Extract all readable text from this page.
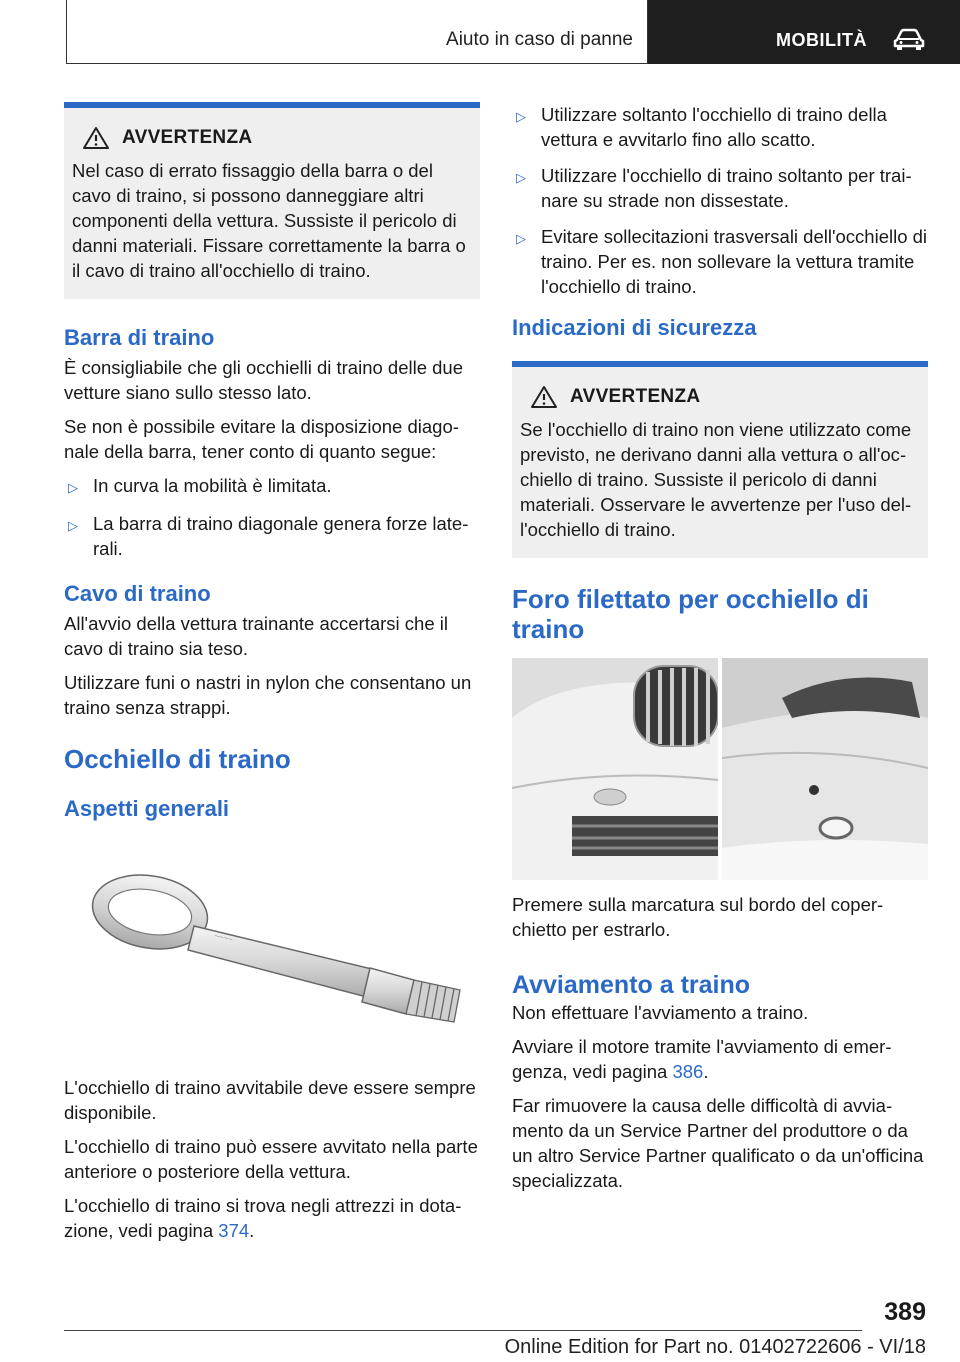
Aiuto in caso di panne	MOBILITÀ
AVVERTENZA

Nel caso di errato fissaggio della barra o del cavo di traino, si possono danneggiare altri componenti della vettura. Sussiste il pericolo di danni materiali. Fissare correttamente la barra o il cavo di traino all'occhiello di traino.

Barra di traino

È consigliabile che gli occhielli di traino delle due vetture siano sullo stesso lato.

Se non è possibile evitare la disposizione diagonale della barra, tener conto di quanto segue:

▷ In curva la mobilità è limitata.
▷ La barra di traino diagonale genera forze laterali.
Cavo di traino

All'avvio della vettura trainante accertarsi che il cavo di traino sia teso.

Utilizzare funi o nastri in nylon che consentano un traino senza strappi.

Occhiello di traino
Aspetti generali
~~~~

L'occhiello di traino avvitabile deve essere sempre disponibile.

L'occhiello di traino può essere avvitato nella parte anteriore o posteriore della vettura.

L'occhiello di traino si trova negli attrezzi in dotazione, vedi pagina 374.

▷ Utilizzare soltanto l'occhiello di traino della vettura e avvitarlo fino allo scatto.
▷ Utilizzare l'occhiello di traino soltanto per trainare su strade non dissestate.
▷ Evitare sollecitazioni trasversali dell'occhiello di traino. Per es. non sollevare la vettura tramite l'occhiello di traino.
Indicazioni di sicurezza
AVVERTENZA

Se l'occhiello di traino non viene utilizzato come previsto, ne derivano danni alla vettura o all'occhiello di traino. Sussiste il pericolo di danni materiali. Osservare le avvertenze per l'uso dell'occhiello di traino.

Foro filettato per occhiello di traino

Premere sulla marcatura sul bordo del coperchietto per estrarlo.

Avviamento a traino

Non effettuare l'avviamento a traino.

Avviare il motore tramite l'avviamento di emergenza, vedi pagina 386.

Far rimuovere la causa delle difficoltà di avviamento da un Service Partner del produttore o da un altro Service Partner qualificato o da un'officina specializzata.

389
Online Edition for Part no. 01402722606 - VI/18
